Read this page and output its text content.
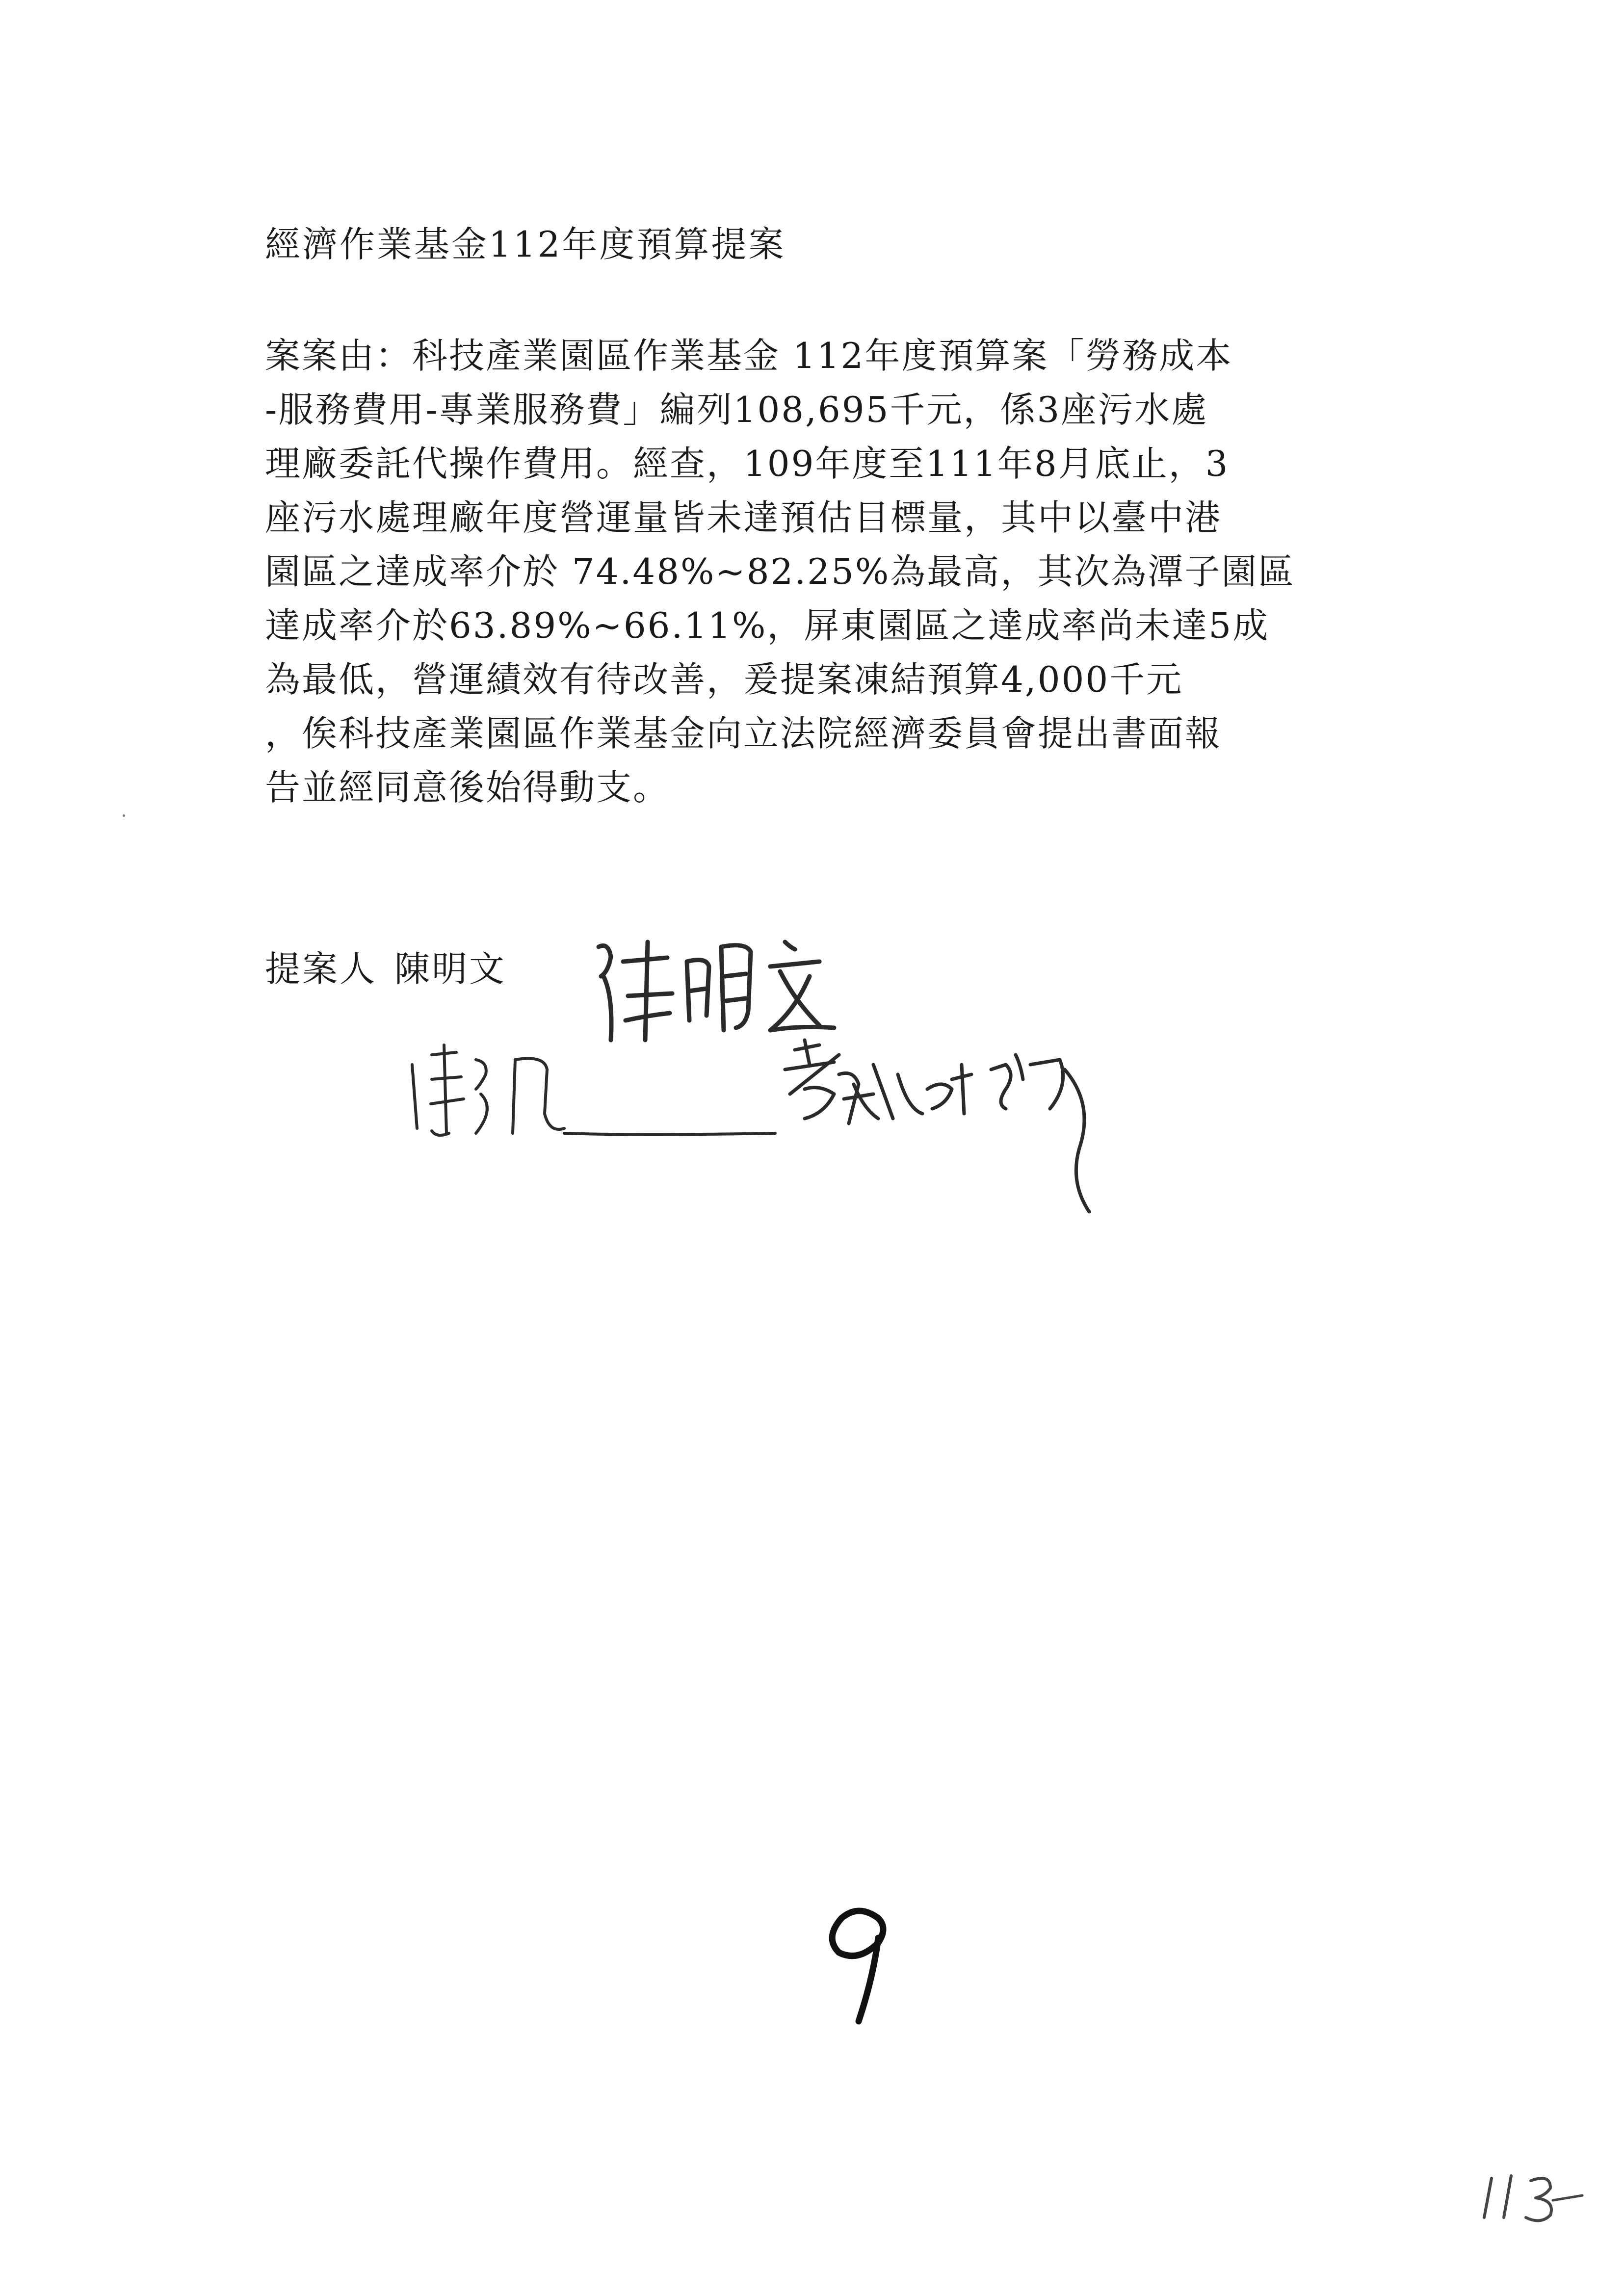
經濟作業基金112年度預算提案
案案由：科技產業園區作業基金 112年度預算案「勞務成本
-服務費用-專業服務費」編列108,695千元，係3座污水處
理廠委託代操作費用。經查，109年度至111年8月底止，3
座污水處理廠年度營運量皆未達預估目標量，其中以臺中港
園區之達成率介於 74.48%~82.25%為最高，其次為潭子園區
達成率介於63.89%~66.11%，屏東園區之達成率尚未達5成
為最低，營運績效有待改善，爰提案凍結預算4,000千元
，俟科技產業園區作業基金向立法院經濟委員會提出書面報
告並經同意後始得動支。
提案人 陳明文
